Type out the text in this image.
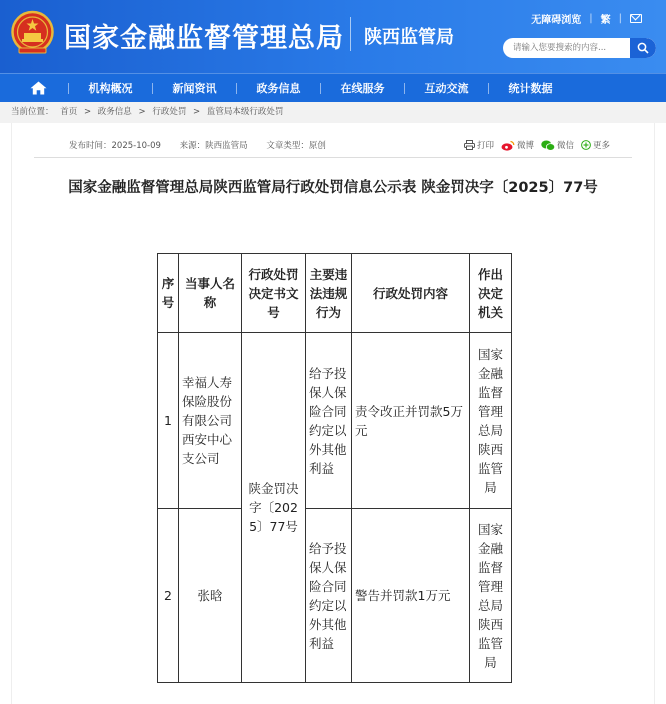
国家金融监督管理总局 陕西监管局
无障碍浏览 | 繁 |
请输入您要搜索的内容...
机构概况	新闻资讯	政务信息	在线服务	互动交流	统计数据
当前位置： 首页 > 政务信息 > 行政处罚 > 监管局本级行政处罚
发布时间：2025-10-09 来源：陕西监管局 文章类型：原创	打印	微博	微信 更多
国家金融监督管理总局陕西监管局行政处罚信息公示表 陕金罚决字〔2025〕77号
序号	当事人名称	行政处罚决定书文号	主要违法违规行为	行政处罚内容	作出决定机关
1	幸福人寿保险股份有限公司西安中心支公司	陕金罚决字〔2025〕77号	给予投保人保险合同约定以外其他利益	责令改正并罚款5万元	国家金融监督管理总局陕西监管局
2	张晗		给予投保人保险合同约定以外其他利益	警告并罚款1万元	国家金融监督管理总局陕西监管局
